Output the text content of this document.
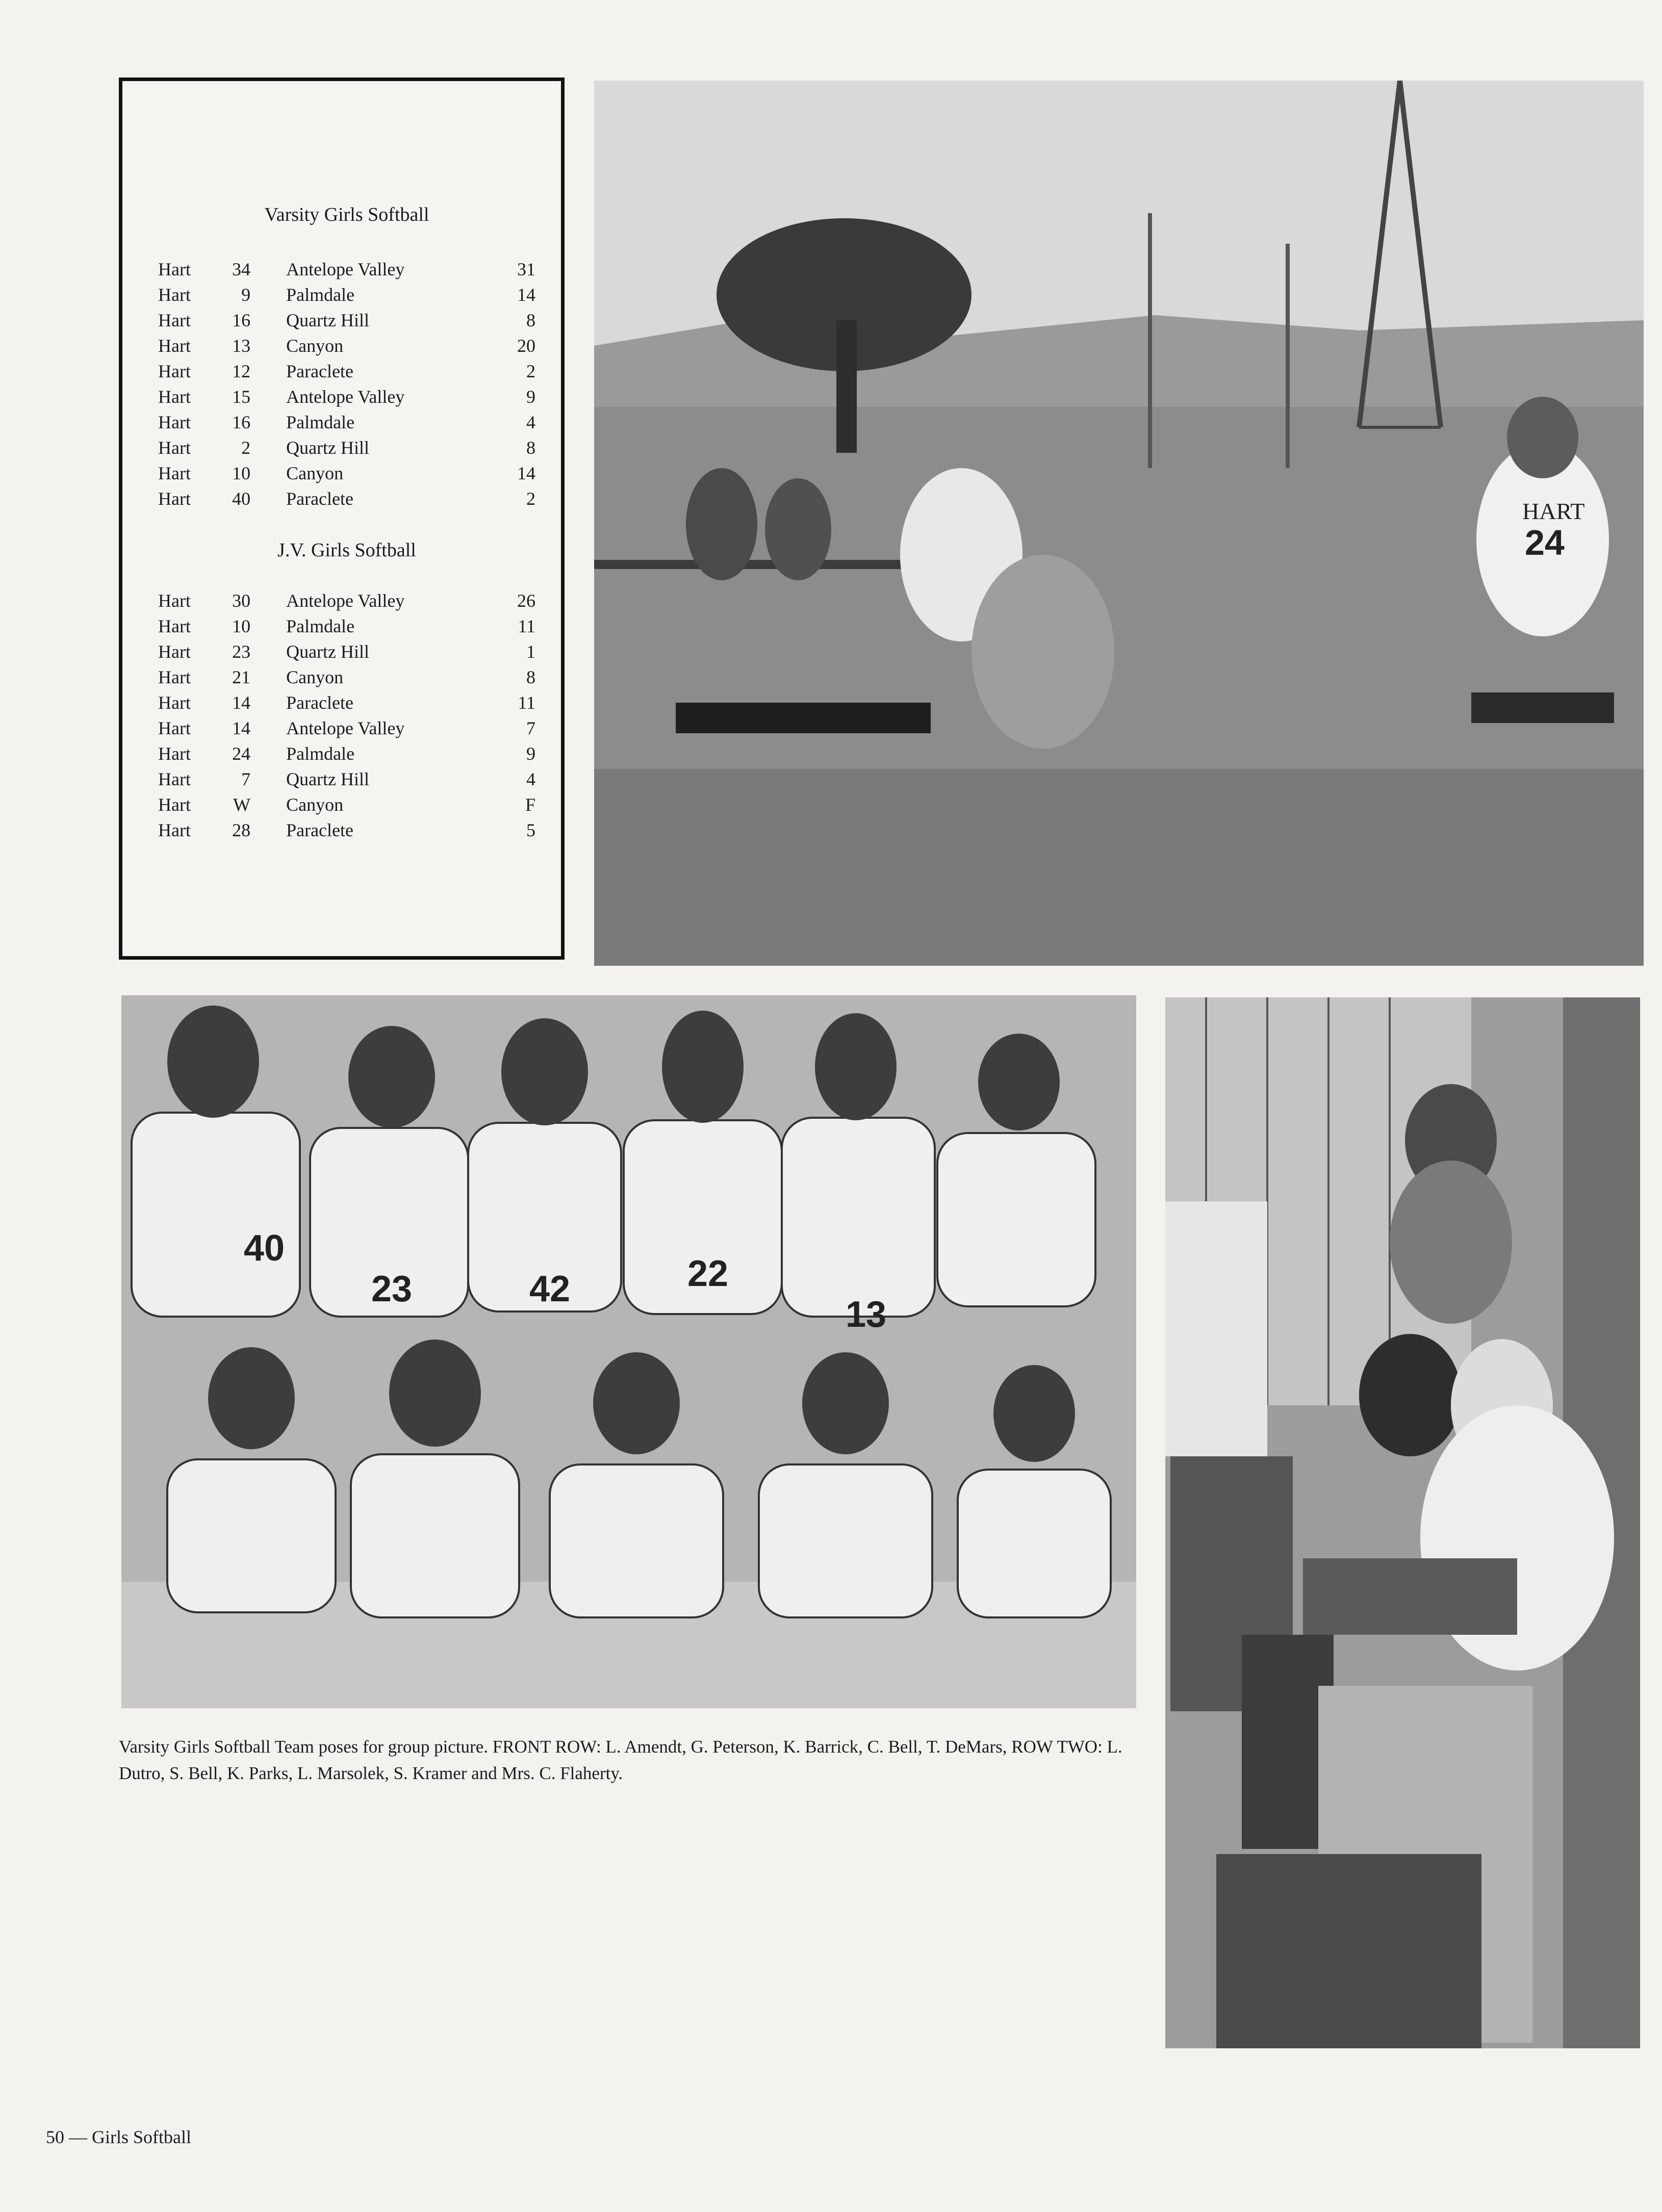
Varsity Girls Softball

Hart	34	Antelope Valley	31
Hart	9	Palmdale	14
Hart	16	Quartz Hill	8
Hart	13	Canyon	20
Hart	12	Paraclete	2
Hart	15	Antelope Valley	9
Hart	16	Palmdale	4
Hart	2	Quartz Hill	8
Hart	10	Canyon	14
Hart	40	Paraclete	2

J.V. Girls Softball

Hart	30	Antelope Valley	26
Hart	10	Palmdale	11
Hart	23	Quartz Hill	1
Hart	21	Canyon	8
Hart	14	Paraclete	11
Hart	14	Antelope Valley	7
Hart	24	Palmdale	9
Hart	7	Quartz Hill	4
Hart	W	Canyon	F
Hart	28	Paraclete	5
HART
24
40
23	42	22
13

Varsity Girls Softball Team poses for group picture. FRONT ROW: L. Amendt, G. Peterson, K. Barrick, C. Bell, T. DeMars, ROW TWO: L. Dutro, S. Bell, K. Parks, L. Marsolek, S. Kramer and Mrs. C. Flaherty.

50 — Girls Softball
